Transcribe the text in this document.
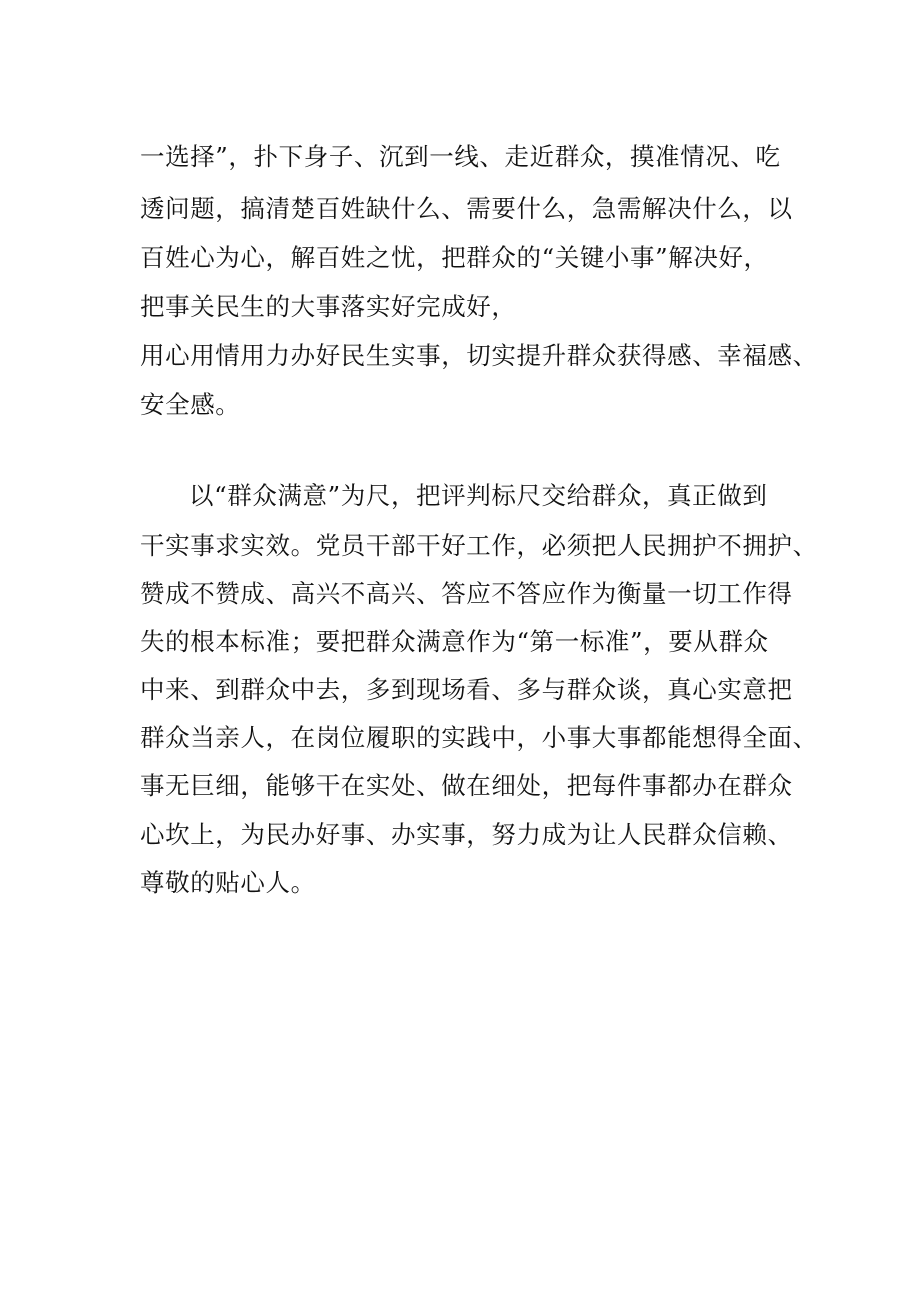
一选择”，扑下身子、沉到一线、走近群众，摸准情况、吃
透问题，搞清楚百姓缺什么、需要什么，急需解决什么，以
百姓心为心，解百姓之忧，把群众的“关键小事”解决好，
把事关民生的大事落实好完成好，
用心用情用力办好民生实事，切实提升群众获得感、幸福感、
安全感。
以“群众满意”为尺，把评判标尺交给群众，真正做到
干实事求实效。党员干部干好工作，必须把人民拥护不拥护、
赞成不赞成、高兴不高兴、答应不答应作为衡量一切工作得
失的根本标准；要把群众满意作为“第一标准”，要从群众
中来、到群众中去，多到现场看、多与群众谈，真心实意把
群众当亲人，在岗位履职的实践中，小事大事都能想得全面、
事无巨细，能够干在实处、做在细处，把每件事都办在群众
心坎上，为民办好事、办实事，努力成为让人民群众信赖、
尊敬的贴心人。
